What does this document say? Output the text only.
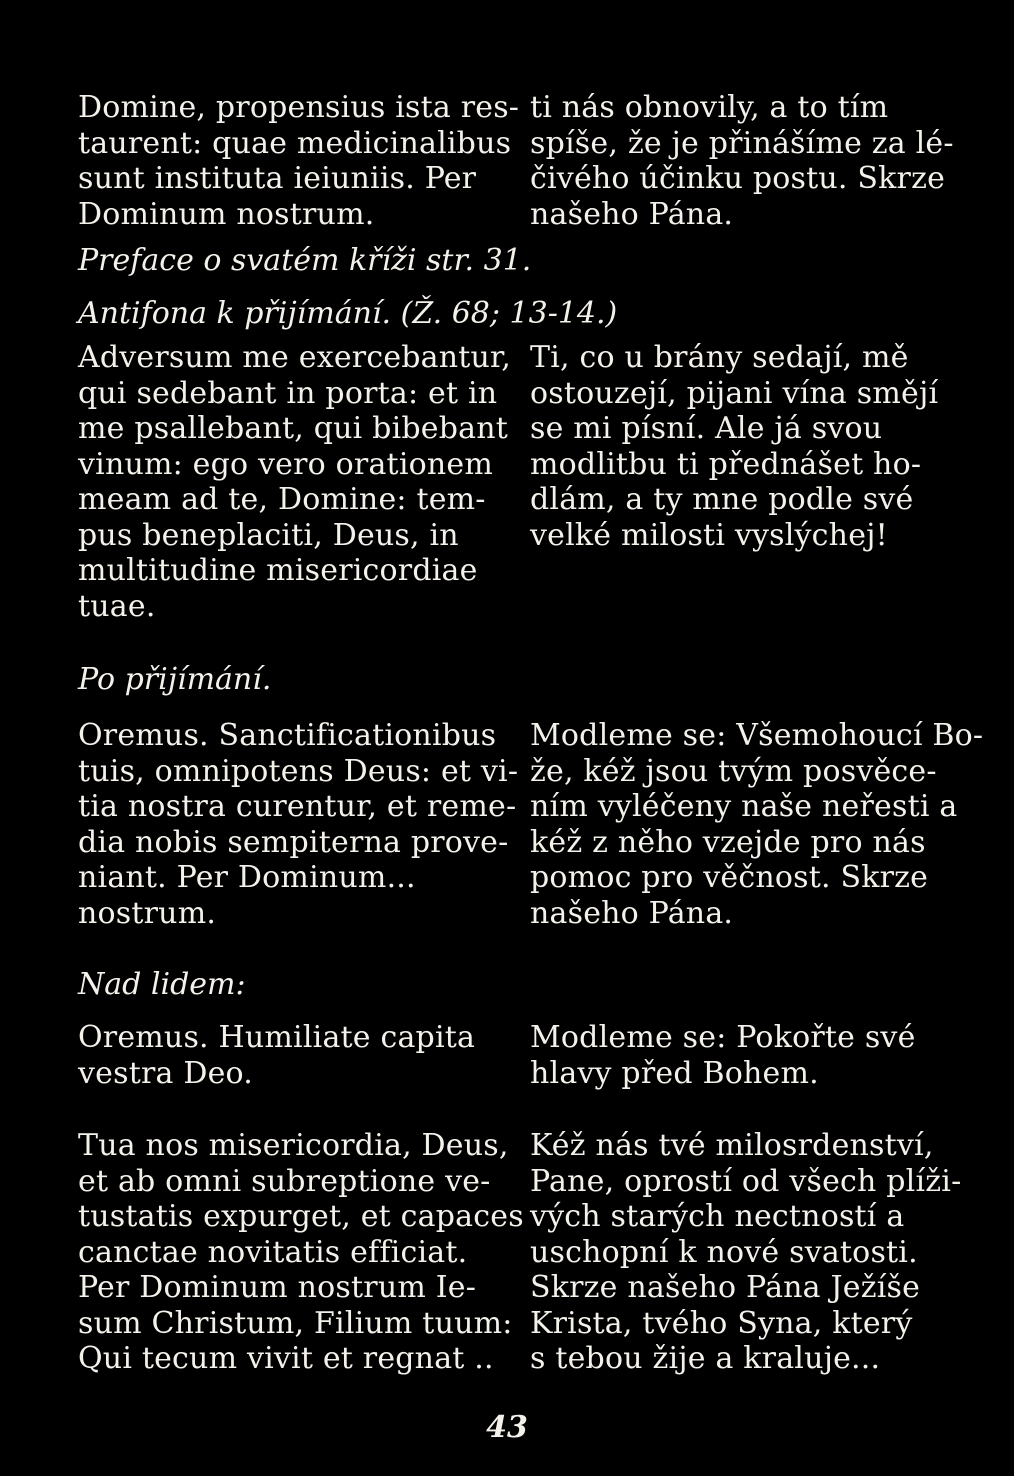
Domine, propensius ista res-
taurent: quae medicinalibus
sunt instituta ieiuniis. Per
Dominum nostrum.

ti nás obnovily, a to tím
spíše, že je přinášíme za lé-
čivého účinku postu. Skrze
našeho Pána.

Preface o svatém kříži str. 31.

Antifona k přijímání. (Ž. 68; 13-14.)

Adversum me exercebantur,
qui sedebant in porta: et in
me psallebant, qui bibebant
vinum: ego vero orationem
meam ad te, Domine: tem-
pus beneplaciti, Deus, in
multitudine misericordiae
tuae.

Ti, co u brány sedají, mě
ostouzejí, pijani vína smějí
se mi písní. Ale já svou
modlitbu ti přednášet ho-
dlám, a ty mne podle své
velké milosti vyslýchej!

Po přijímání.

Oremus. Sanctificationibus
tuis, omnipotens Deus: et vi-
tia nostra curentur, et reme-
dia nobis sempiterna prove-
niant. Per Dominum...
nostrum.

Modleme se: Všemohoucí Bo-
že, kéž jsou tvým posvěce-
ním vyléčeny naše neřesti a
kéž z něho vzejde pro nás
pomoc pro věčnost. Skrze
našeho Pána.

Nad lidem:

Oremus. Humiliate capita
vestra Deo.

Modleme se: Pokořte své
hlavy před Bohem.

Tua nos misericordia, Deus,
et ab omni subreptione ve-
tustatis expurget, et capaces
canctae novitatis efficiat.
Per Dominum nostrum Ie-
sum Christum, Filium tuum:
Qui tecum vivit et regnat ..

Kéž nás tvé milosrdenství,
Pane, oprostí od všech plíži-
vých starých nectností a
uschopní k nové svatosti.
Skrze našeho Pána Ježíše
Krista, tvého Syna, který
s tebou žije a kraluje...

43
